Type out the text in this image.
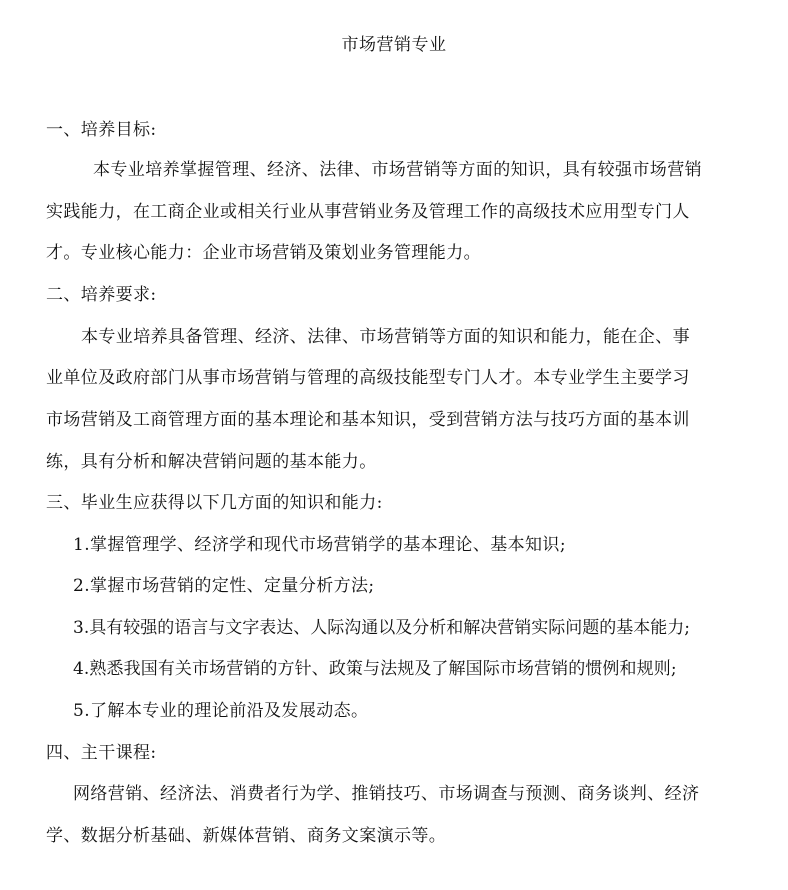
市场营销专业
一、培养目标:
本专业培养掌握管理、经济、法律、市场营销等方面的知识，具有较强市场营销
实践能力，在工商企业或相关行业从事营销业务及管理工作的高级技术应用型专门人
才。专业核心能力：企业市场营销及策划业务管理能力。
二、培养要求:
本专业培养具备管理、经济、法律、市场营销等方面的知识和能力，能在企、事
业单位及政府部门从事市场营销与管理的高级技能型专门人才。本专业学生主要学习
市场营销及工商管理方面的基本理论和基本知识，受到营销方法与技巧方面的基本训
练，具有分析和解决营销问题的基本能力。
三、毕业生应获得以下几方面的知识和能力:
1.掌握管理学、经济学和现代市场营销学的基本理论、基本知识;
2.掌握市场营销的定性、定量分析方法;
3.具有较强的语言与文字表达、人际沟通以及分析和解决营销实际问题的基本能力;
4.熟悉我国有关市场营销的方针、政策与法规及了解国际市场营销的惯例和规则;
5.了解本专业的理论前沿及发展动态。
四、主干课程:
网络营销、经济法、消费者行为学、推销技巧、市场调查与预测、商务谈判、经济
学、数据分析基础、新媒体营销、商务文案演示等。
